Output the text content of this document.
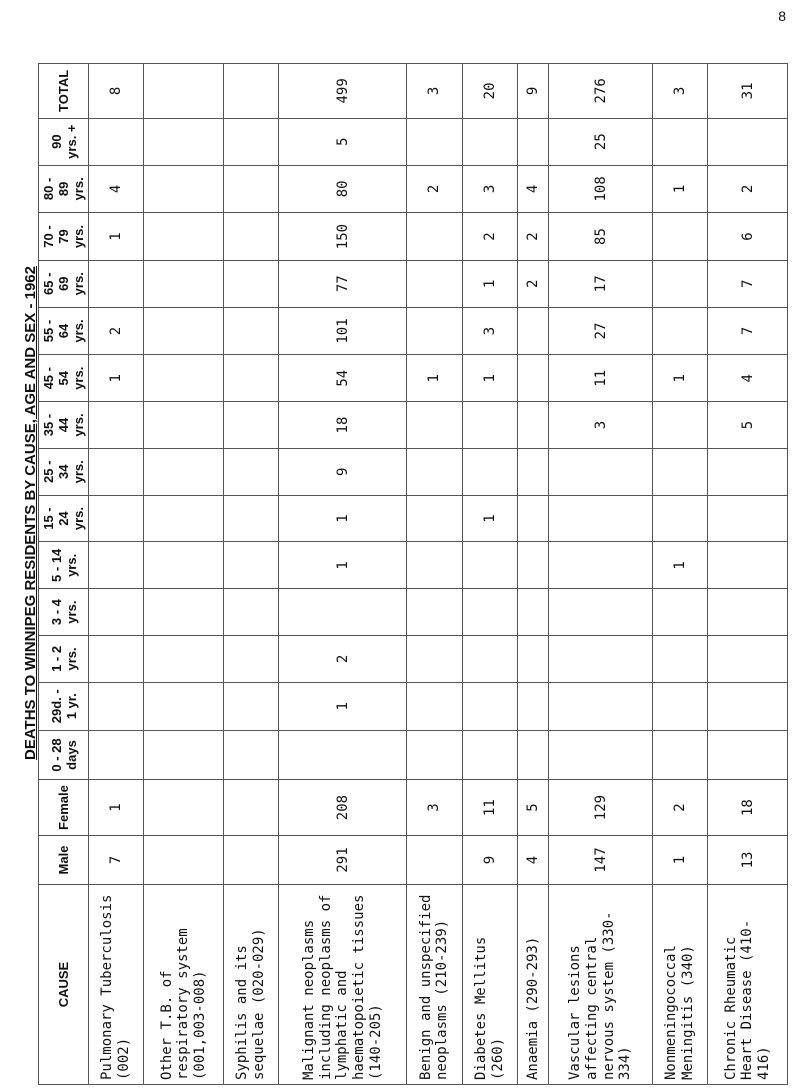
8
DEATHS TO WINNIPEG RESIDENTS BY CAUSE, AGE AND SEX - 1962
CAUSE	Male	Female	0 - 28 days	29d. - 1 yr.	1 - 2 yrs.	3 - 4 yrs.	5 - 14 yrs.	15 - 24 yrs.	25 - 34 yrs.	35 - 44 yrs.	45 - 54 yrs.	55 - 64 yrs.	65 - 69 yrs.	70 - 79 yrs.	80 - 89 yrs.	90 yrs. +	TOTAL
Pulmonary Tuberculosis (002)	7	1									1	2		1	4		8
Other T.B. of respiratory system (001,003-008)																	
Syphilis and its sequelae (020-029)																	
Malignant neoplasms including neoplasms of lymphatic and haematopoietic tissues (140-205)	291	208		1	2		1	1	9	18	54	101	77	150	80	5	499
Benign and unspecified neoplasms (210-239)		3									1				2		3
Diabetes Mellitus (260)	9	11						1			1	3	1	2	3		20
Anaemia (290-293)	4	5											2	2	4		9
Vascular lesions affecting central nervous system (330-334)	147	129								3	11	27	17	85	108	25	276
Nonmeningococcal Meningitis (340)	1	2					1				1				1		3
Chronic Rheumatic Heart Disease (410-416)	13	18								5	4	7	7	6	2		31
